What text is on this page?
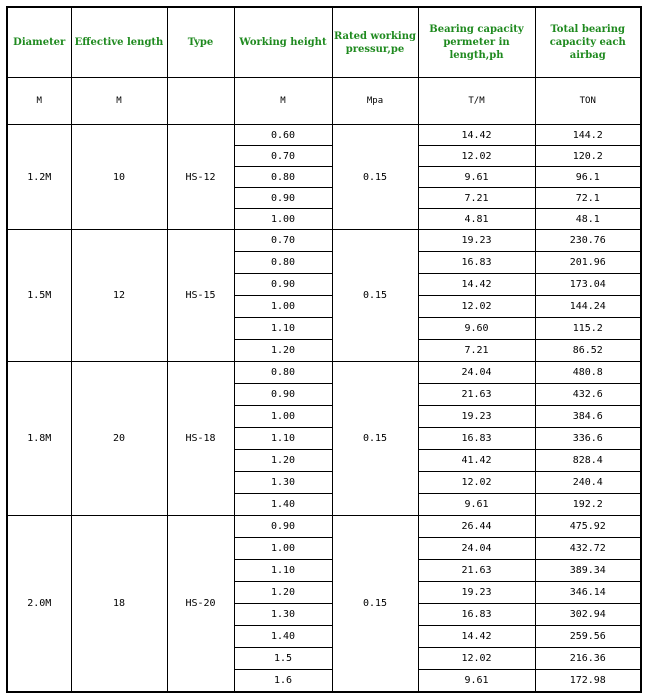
Diameter	Effective length	Type	Working height	Rated working pressur,pe	Bearing capacity permeter in length,ph	Total bearing capacity each airbag
M	M		M	Mpa	T/M	TON
1.2M	10	HS-12	0.60	0.15	14.42	144.2
			0.70		12.02	120.2
			0.80		9.61	96.1
			0.90		7.21	72.1
			1.00		4.81	48.1
1.5M	12	HS-15	0.70	0.15	19.23	230.76
			0.80		16.83	201.96
			0.90		14.42	173.04
			1.00		12.02	144.24
			1.10		9.60	115.2
			1.20		7.21	86.52
1.8M	20	HS-18	0.80	0.15	24.04	480.8
			0.90		21.63	432.6
			1.00		19.23	384.6
			1.10		16.83	336.6
			1.20		41.42	828.4
			1.30		12.02	240.4
			1.40		9.61	192.2
2.0M	18	HS-20	0.90	0.15	26.44	475.92
			1.00		24.04	432.72
			1.10		21.63	389.34
			1.20		19.23	346.14
			1.30		16.83	302.94
			1.40		14.42	259.56
			1.5		12.02	216.36
			1.6		9.61	172.98
